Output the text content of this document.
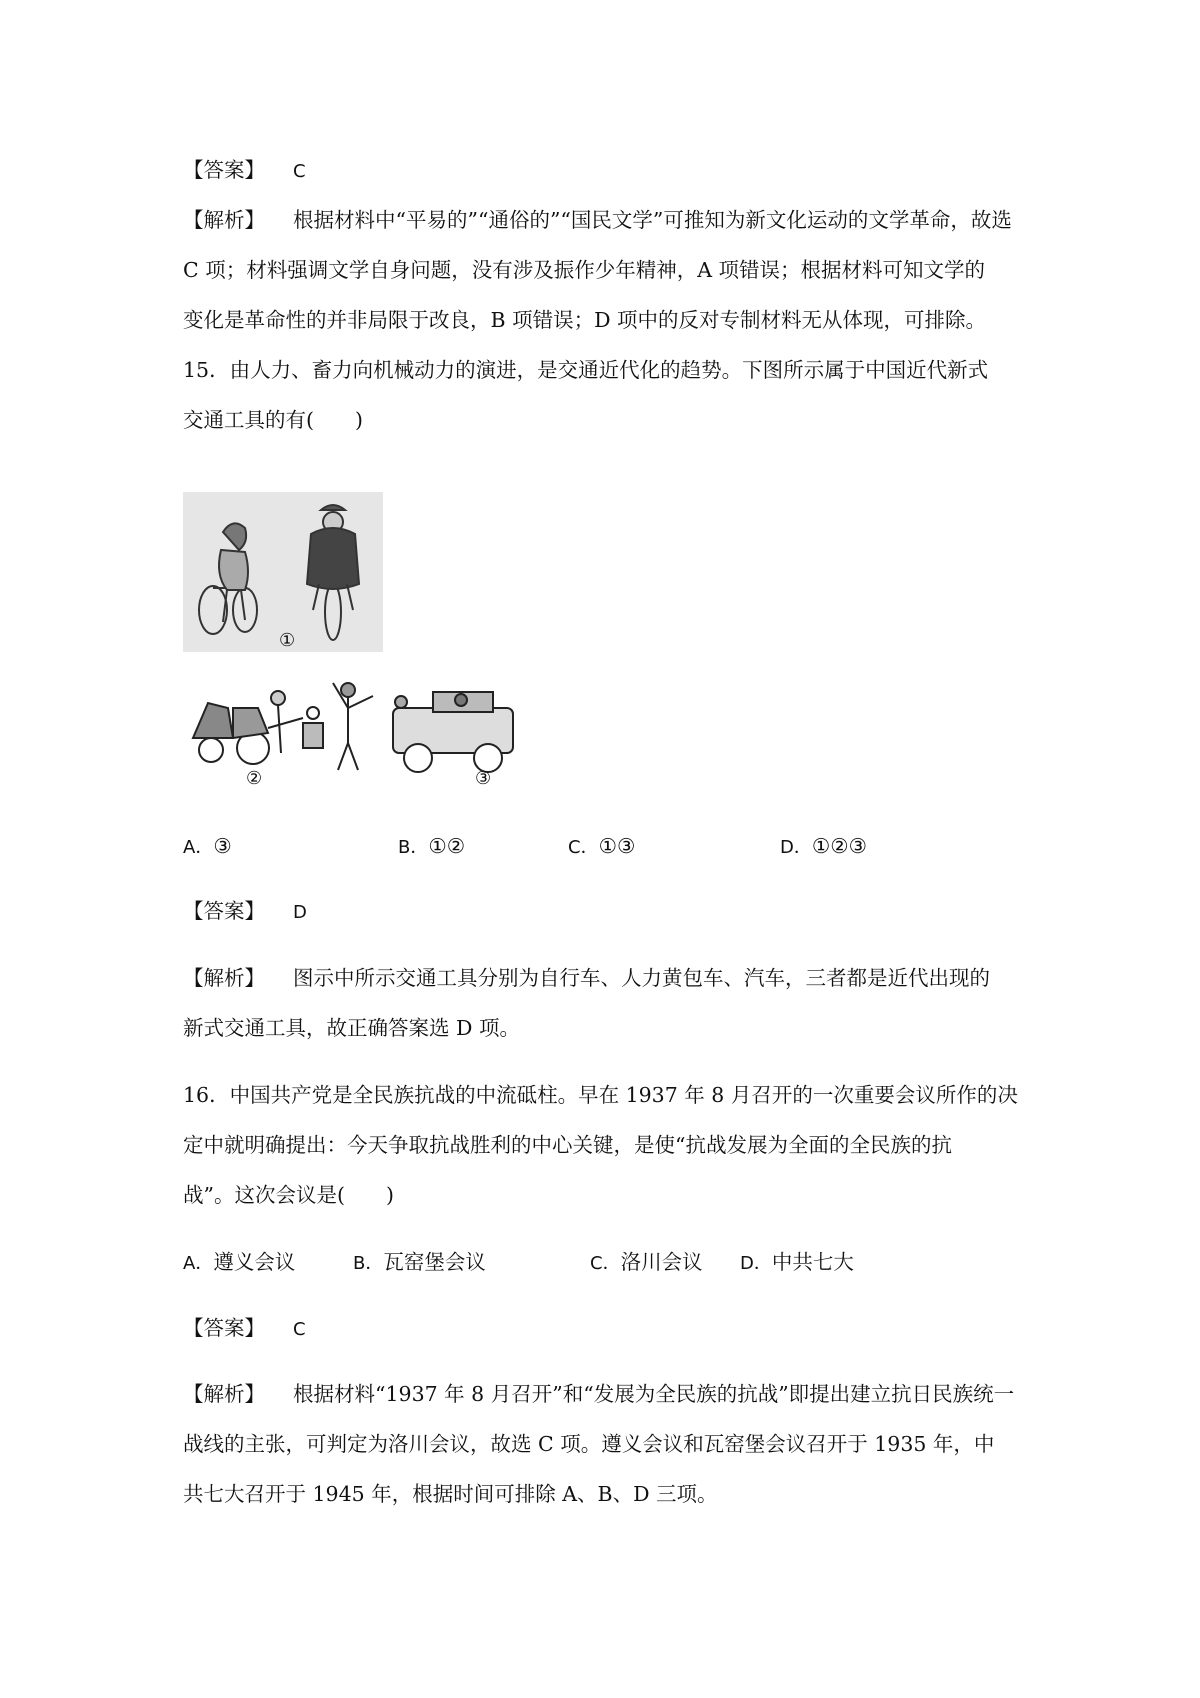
【答案】 C
【解析】 根据材料中“平易的”“通俗的”“国民文学”可推知为新文化运动的文学革命，故选
C 项；材料强调文学自身问题，没有涉及振作少年精神，A 项错误；根据材料可知文学的
变化是革命性的并非局限于改良，B 项错误；D 项中的反对专制材料无从体现，可排除。
15．由人力、畜力向机械动力的演进，是交通近代化的趋势。下图所示属于中国近代新式
交通工具的有(　　)
①
②	③
A．③	B．①②	C．①③	D．①②③
【答案】 D
【解析】 图示中所示交通工具分别为自行车、人力黄包车、汽车，三者都是近代出现的
新式交通工具，故正确答案选 D 项。
16．中国共产党是全民族抗战的中流砥柱。早在 1937 年 8 月召开的一次重要会议所作的决
定中就明确提出：今天争取抗战胜利的中心关键，是使“抗战发展为全面的全民族的抗
战”。这次会议是(　　)
A．遵义会议	B．瓦窑堡会议	C．洛川会议 D．中共七大
【答案】 C
【解析】 根据材料“1937 年 8 月召开”和“发展为全民族的抗战”即提出建立抗日民族统一
战线的主张，可判定为洛川会议，故选 C 项。遵义会议和瓦窑堡会议召开于 1935 年，中
共七大召开于 1945 年，根据时间可排除 A、B、D 三项。
